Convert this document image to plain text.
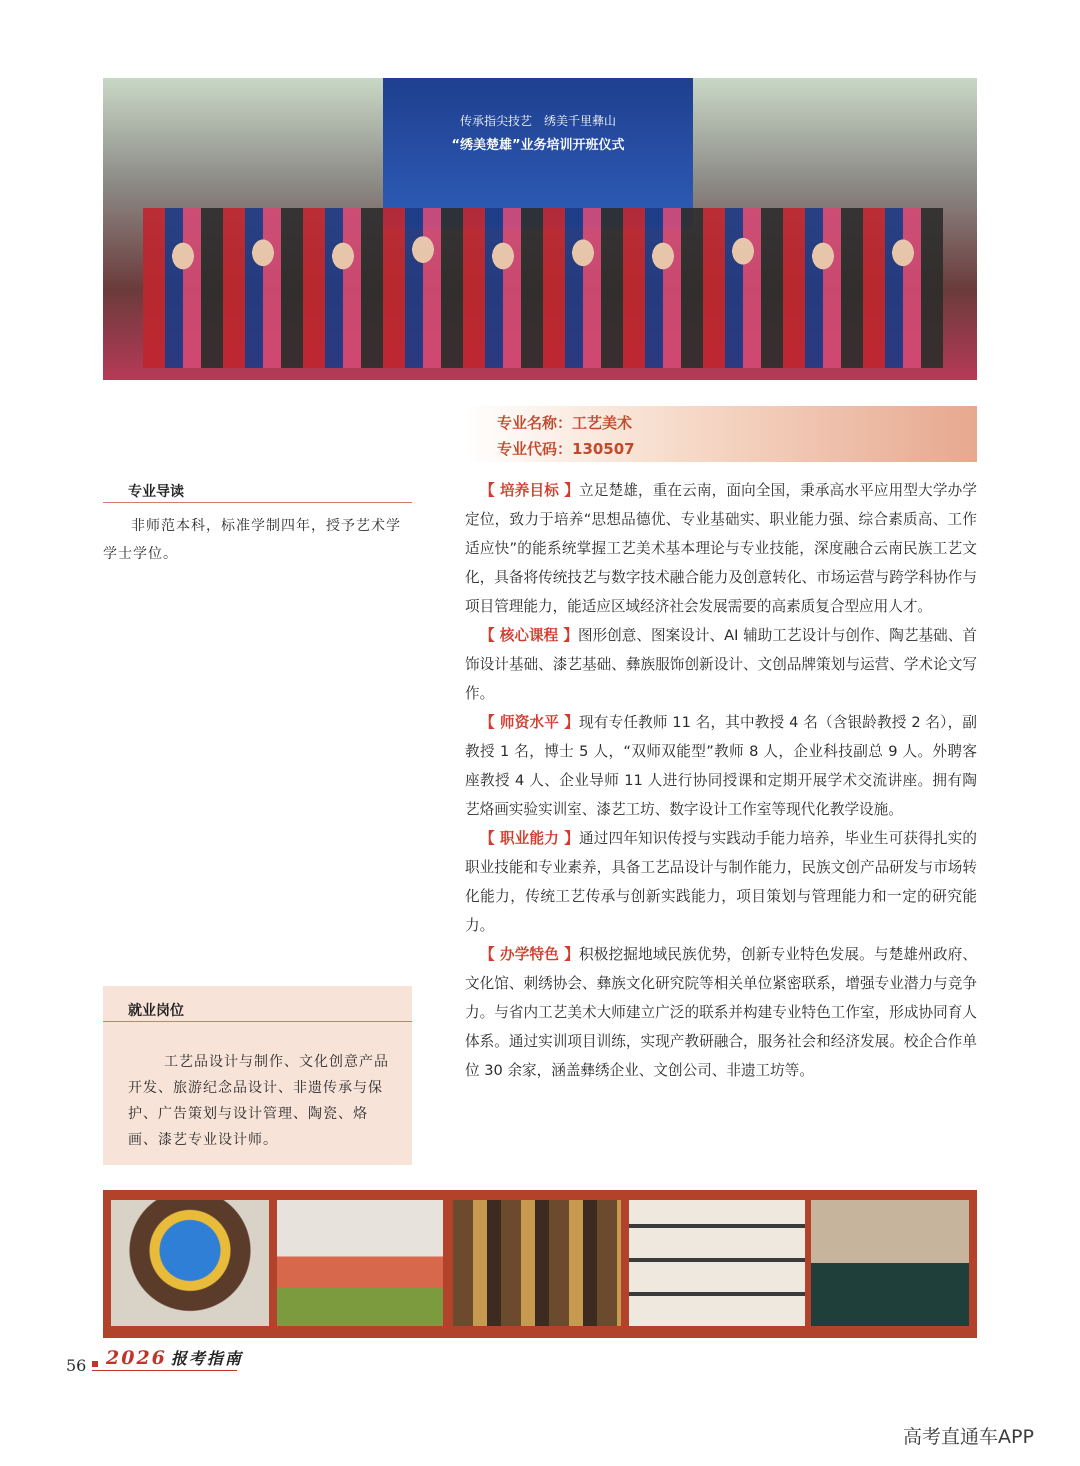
传承指尖技艺　绣美千里彝山
“绣美楚雄”业务培训开班仪式
专业名称：工艺美术
专业代码：130507
专业导读
非师范本科，标准学制四年，授予艺术学学士学位。
就业岗位
工艺品设计与制作、文化创意产品开发、旅游纪念品设计、非遗传承与保护、广告策划与设计管理、陶瓷、烙画、漆艺专业设计师。

【 培养目标 】立足楚雄，重在云南，面向全国，秉承高水平应用型大学办学定位，致力于培养“思想品德优、专业基础实、职业能力强、综合素质高、工作适应快”的能系统掌握工艺美术基本理论与专业技能，深度融合云南民族工艺文化，具备将传统技艺与数字技术融合能力及创意转化、市场运营与跨学科协作与项目管理能力，能适应区域经济社会发展需要的高素质复合型应用人才。

【 核心课程 】图形创意、图案设计、AI 辅助工艺设计与创作、陶艺基础、首饰设计基础、漆艺基础、彝族服饰创新设计、文创品牌策划与运营、学术论文写作。

【 师资水平 】现有专任教师 11 名，其中教授 4 名（含银龄教授 2 名），副教授 1 名，博士 5 人，“双师双能型”教师 8 人，企业科技副总 9 人。外聘客座教授 4 人、企业导师 11 人进行协同授课和定期开展学术交流讲座。拥有陶艺烙画实验实训室、漆艺工坊、数字设计工作室等现代化教学设施。

【 职业能力 】通过四年知识传授与实践动手能力培养，毕业生可获得扎实的职业技能和专业素养，具备工艺品设计与制作能力，民族文创产品研发与市场转化能力，传统工艺传承与创新实践能力，项目策划与管理能力和一定的研究能力。

【 办学特色 】积极挖掘地域民族优势，创新专业特色发展。与楚雄州政府、文化馆、刺绣协会、彝族文化研究院等相关单位紧密联系，增强专业潜力与竞争力。与省内工艺美术大师建立广泛的联系并构建专业特色工作室，形成协同育人体系。通过实训项目训练，实现产教研融合，服务社会和经济发展。校企合作单位 30 余家，涵盖彝绣企业、文创公司、非遗工坊等。

56 2026 报考指南
高考直通车APP
